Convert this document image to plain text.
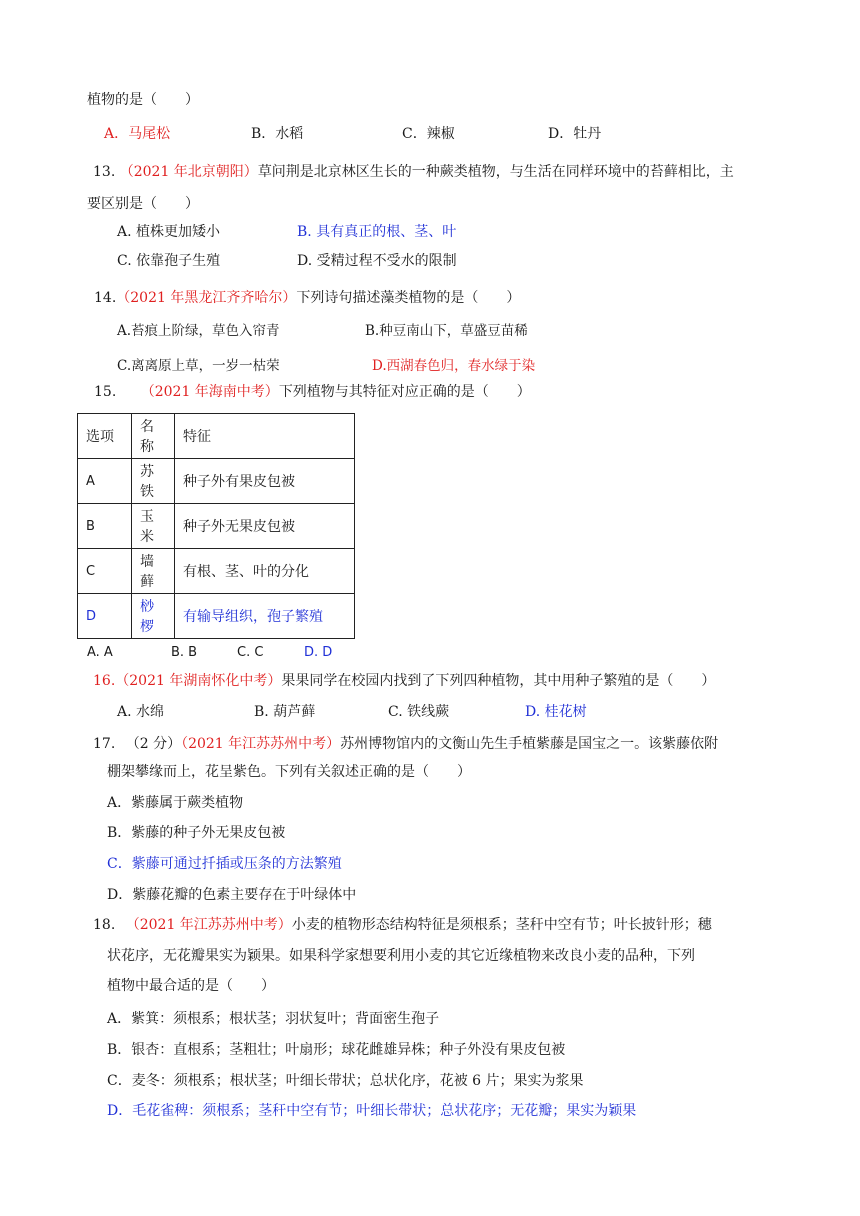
植物的是（　　）
A．马尾松	B．水稻	C．辣椒	D．牡丹
13. （2021 年北京朝阳）草问荆是北京林区生长的一种蕨类植物，与生活在同样环境中的苔藓相比，主
要区别是（　　）
A. 植株更加矮小	B. 具有真正的根、茎、叶
C. 依靠孢子生殖	D. 受精过程不受水的限制
14.（2021 年黑龙江齐齐哈尔）下列诗句描述藻类植物的是（　　）
A.苔痕上阶绿，草色入帘青	B.种豆南山下，草盛豆苗稀
C.离离原上草，一岁一枯荣	D.西湖春色归，春水绿于染
15. （2021 年海南中考）下列植物与其特征对应正确的是（　　）
选项	名称	特征
A	苏铁	种子外有果皮包被
B	玉米	种子外无果皮包被
C	墙藓	有根、茎、叶的分化
D	桫椤	有输导组织，孢子繁殖
A. A	B. B	C. C	D. D
16.（2021 年湖南怀化中考）果果同学在校园内找到了下列四种植物，其中用种子繁殖的是（　　）
A. 水绵	B. 葫芦藓	C. 铁线蕨	D. 桂花树
17. （2 分）（2021 年江苏苏州中考）苏州博物馆内的文衡山先生手植紫藤是国宝之一。该紫藤依附
棚架攀缘而上，花呈紫色。下列有关叙述正确的是（　　）
A．紫藤属于蕨类植物
B．紫藤的种子外无果皮包被
C．紫藤可通过扦插或压条的方法繁殖
D．紫藤花瓣的色素主要存在于叶绿体中
18. （2021 年江苏苏州中考）小麦的植物形态结构特征是须根系；茎秆中空有节；叶长披针形；穗
状花序，无花瓣果实为颖果。如果科学家想要利用小麦的其它近缘植物来改良小麦的品种，下列
植物中最合适的是（　　）
A．紫箕：须根系；根状茎；羽状复叶；背面密生孢子
B．银杏：直根系；茎粗壮；叶扇形；球花雌雄异株；种子外没有果皮包被
C．麦冬：须根系；根状茎；叶细长带状；总状化序，花被 6 片；果实为浆果
D．毛花雀稗：须根系；茎秆中空有节；叶细长带状；总状花序；无花瓣；果实为颖果
